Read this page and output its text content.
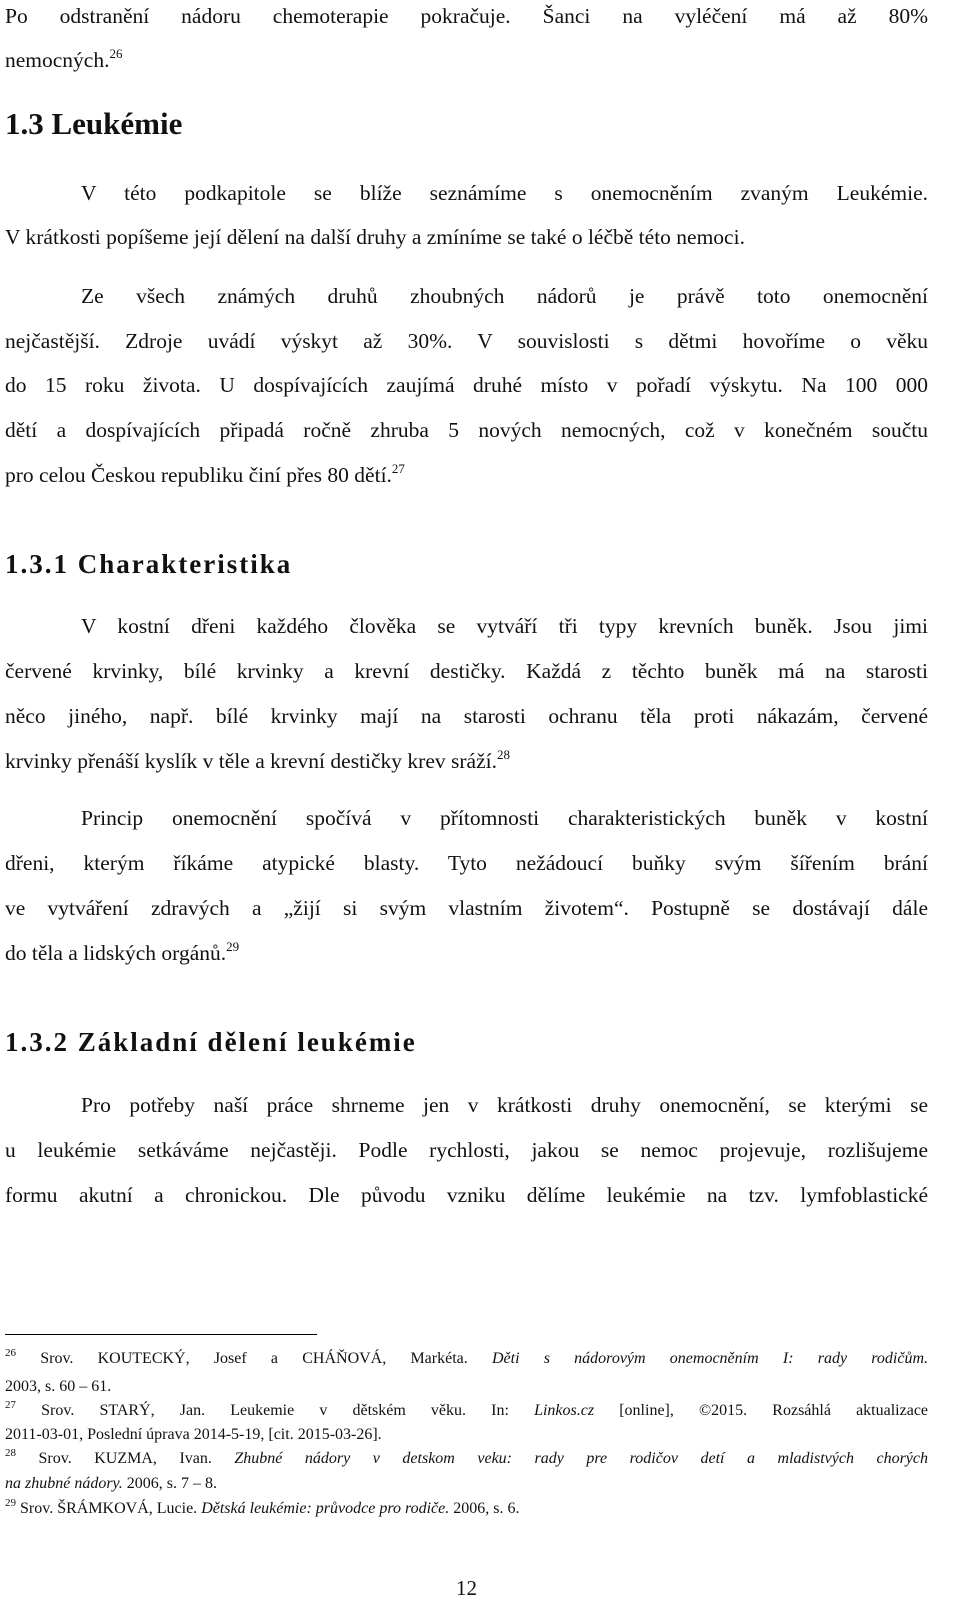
Po odstranění nádoru chemoterapie pokračuje. Šanci na vyléčení má až 80%
nemocných.$^{26}$
1.3 Leukémie
V této podkapitole se blíže seznámíme s onemocněním zvaným Leukémie.
V krátkosti popíšeme její dělení na další druhy a zmíníme se také o léčbě této nemoci.
Ze všech známých druhů zhoubných nádorů je právě toto onemocnění
nejčastější. Zdroje uvádí výskyt až 30%. V souvislosti s dětmi hovoříme o věku
do 15 roku života. U dospívajících zaujímá druhé místo v pořadí výskytu. Na 100 000
dětí a dospívajících připadá ročně zhruba 5 nových nemocných, což v konečném součtu
pro celou Českou republiku činí přes 80 dětí.$^{27}$
1.3.1 Charakteristika
V kostní dřeni každého člověka se vytváří tři typy krevních buněk. Jsou jimi
červené krvinky, bílé krvinky a krevní destičky. Každá z těchto buněk má na starosti
něco jiného, např. bílé krvinky mají na starosti ochranu těla proti nákazám, červené
krvinky přenáší kyslík v těle a krevní destičky krev sráží.$^{28}$
Princip onemocnění spočívá v přítomnosti charakteristických buněk v kostní
dřeni, kterým říkáme atypické blasty. Tyto nežádoucí buňky svým šířením brání
ve vytváření zdravých a „žijí si svým vlastním životem“. Postupně se dostávají dále
do těla a lidských orgánů.$^{29}$
1.3.2 Základní dělení leukémie
Pro potřeby naší práce shrneme jen v krátkosti druhy onemocnění, se kterými se
u leukémie setkáváme nejčastěji. Podle rychlosti, jakou se nemoc projevuje, rozlišujeme
formu akutní a chronickou. Dle původu vzniku dělíme leukémie na tzv. lymfoblastické
$^{26}$ Srov. KOUTECKÝ, Josef a CHÁŇOVÁ, Markéta. Děti s nádorovým onemocněním I: rady rodičům.
2003, s. 60 – 61.
$^{27}$ Srov. STARÝ, Jan. Leukemie v dětském věku. In: Linkos.cz [online], ©2015. Rozsáhlá aktualizace
2011-03-01, Poslední úprava 2014-5-19, [cit. 2015-03-26].
$^{28}$ Srov. KUZMA, Ivan. Zhubné nádory v detskom veku: rady pre rodičov detí a mladistvých chorých
na zhubné nádory. 2006, s. 7 – 8.
$^{29}$ Srov. ŠRÁMKOVÁ, Lucie. Dětská leukémie: průvodce pro rodiče. 2006, s. 6.
12
